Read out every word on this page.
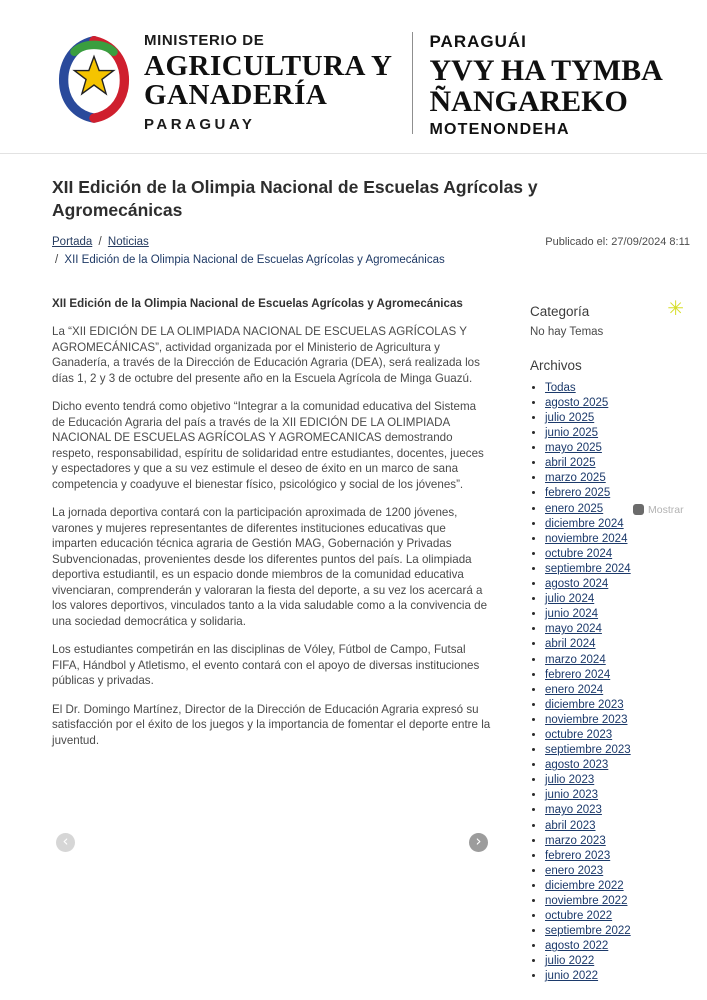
MINISTERIO DE
AGRICULTURA Y
GANADERÍA
PARAGUAY
PARAGUÁI
YVY HA TYMBA
ÑANGAREKO
MOTENONDEHA
XII Edición de la Olimpia Nacional de Escuelas Agrícolas y Agromecánicas
Portada / Noticias
/ XII Edición de la Olimpia Nacional de Escuelas Agrícolas y Agromecánicas
Publicado el: 27/09/2024 8:11
XII Edición de la Olimpia Nacional de Escuelas Agrícolas y Agromecánicas

La “XII EDICIÓN DE LA OLIMPIADA NACIONAL DE ESCUELAS AGRÍCOLAS Y AGROMECÁNICAS”, actividad organizada por el Ministerio de Agricultura y Ganadería, a través de la Dirección de Educación Agraria (DEA), será realizada los días 1, 2 y 3 de octubre del presente año en la Escuela Agrícola de Minga Guazú.

Dicho evento tendrá como objetivo “Integrar a la comunidad educativa del Sistema de Educación Agraria del país a través de la XII EDICIÓN DE LA OLIMPIADA NACIONAL DE ESCUELAS AGRÍCOLAS Y AGROMECANICAS demostrando respeto, responsabilidad, espíritu de solidaridad entre estudiantes, docentes, jueces y espectadores y que a su vez estimule el deseo de éxito en un marco de sana competencia y coadyuve el bienestar físico, psicológico y social de los jóvenes”.

La jornada deportiva contará con la participación aproximada de 1200 jóvenes, varones y mujeres representantes de diferentes instituciones educativas que imparten educación técnica agraria de Gestión MAG, Gobernación y Privadas Subvencionadas, provenientes desde los diferentes puntos del país. La olimpiada deportiva estudiantil, es un espacio donde miembros de la comunidad educativa vivenciaran, comprenderán y valoraran la fiesta del deporte, a su vez los acercará a los valores deportivos, vinculados tanto a la vida saludable como a la convivencia de una sociedad democrática y solidaria.

Los estudiantes competirán en las disciplinas de Vóley, Fútbol de Campo, Futsal FIFA, Hándbol y Atletismo, el evento contará con el apoyo de diversas instituciones públicas y privadas.

El Dr. Domingo Martínez, Director de la Dirección de Educación Agraria expresó su satisfacción por el éxito de los juegos y la importancia de fomentar el deporte entre la juventud.

‹	›
✳
Categoría
No hay Temas
Archivos
• Todas
• agosto 2025
• julio 2025
• junio 2025
• mayo 2025
• abril 2025
• marzo 2025
• febrero 2025
• enero 2025
• diciembre 2024
• noviembre 2024
• octubre 2024
• septiembre 2024
• agosto 2024
• julio 2024
• junio 2024
• mayo 2024
• abril 2024
• marzo 2024
• febrero 2024
• enero 2024
• diciembre 2023
• noviembre 2023
• octubre 2023
• septiembre 2023
• agosto 2023
• julio 2023
• junio 2023
• mayo 2023
• abril 2023
• marzo 2023
• febrero 2023
• enero 2023
• diciembre 2022
• noviembre 2022
• octubre 2022
• septiembre 2022
• agosto 2022
• julio 2022
• junio 2022
Mostrar
